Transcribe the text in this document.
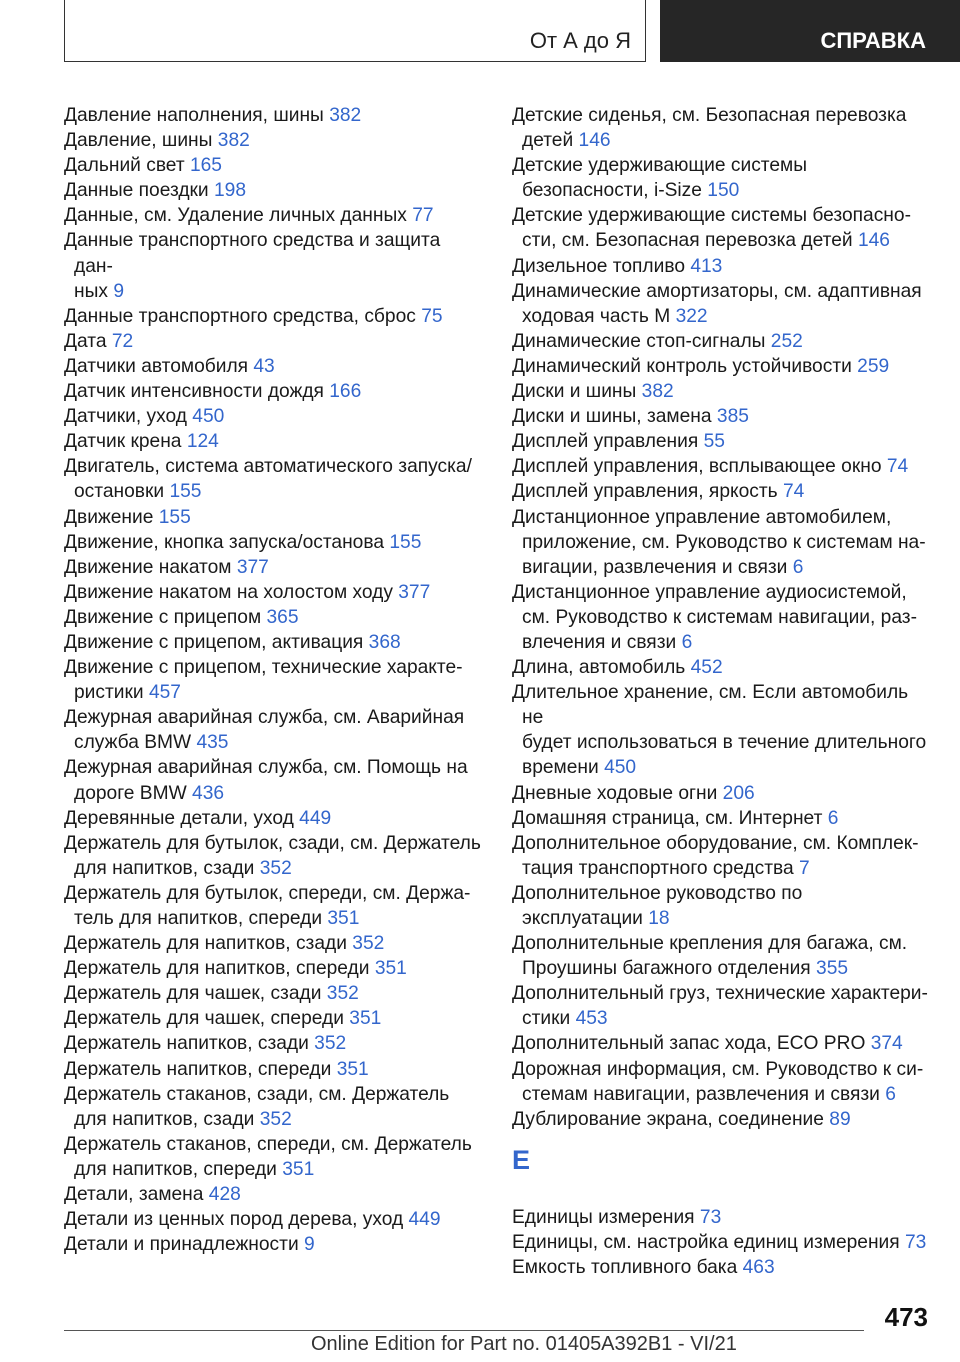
От А до Я	СПРАВКА
Давление наполнения, шины 382
Давление, шины 382
Дальний свет 165
Данные поездки 198
Данные, см. Удаление личных данных 77
Данные транспортного средства и защита дан-
ных 9
Данные транспортного средства, сброс 75
Дата 72
Датчики автомобиля 43
Датчик интенсивности дождя 166
Датчики, уход 450
Датчик крена 124
Двигатель, система автоматического запуска/
остановки 155
Движение 155
Движение, кнопка запуска/останова 155
Движение накатом 377
Движение накатом на холостом ходу 377
Движение с прицепом 365
Движение с прицепом, активация 368
Движение с прицепом, технические характе-
ристики 457
Дежурная аварийная служба, см. Аварийная
служба BMW 435
Дежурная аварийная служба, см. Помощь на
дороге BMW 436
Деревянные детали, уход 449
Держатель для бутылок, сзади, см. Держатель
для напитков, сзади 352
Держатель для бутылок, спереди, см. Держа-
тель для напитков, спереди 351
Держатель для напитков, сзади 352
Держатель для напитков, спереди 351
Держатель для чашек, сзади 352
Держатель для чашек, спереди 351
Держатель напитков, сзади 352
Держатель напитков, спереди 351
Держатель стаканов, сзади, см. Держатель
для напитков, сзади 352
Держатель стаканов, спереди, см. Держатель
для напитков, спереди 351
Детали, замена 428
Детали из ценных пород дерева, уход 449
Детали и принадлежности 9
Детские сиденья, см. Безопасная перевозка
детей 146
Детские удерживающие системы
безопасности, i-Size 150
Детские удерживающие системы безопасно-
сти, см. Безопасная перевозка детей 146
Дизельное топливо 413
Динамические амортизаторы, см. адаптивная
ходовая часть M 322
Динамические стоп-сигналы 252
Динамический контроль устойчивости 259
Диски и шины 382
Диски и шины, замена 385
Дисплей управления 55
Дисплей управления, всплывающее окно 74
Дисплей управления, яркость 74
Дистанционное управление автомобилем,
приложение, см. Руководство к системам на-
вигации, развлечения и связи 6
Дистанционное управление аудиосистемой,
см. Руководство к системам навигации, раз-
влечения и связи 6
Длина, автомобиль 452
Длительное хранение, см. Если автомобиль не
будет использоваться в течение длительного
времени 450
Дневные ходовые огни 206
Домашняя страница, см. Интернет 6
Дополнительное оборудование, см. Комплек-
тация транспортного средства 7
Дополнительное руководство по
эксплуатации 18
Дополнительные крепления для багажа, см.
Проушины багажного отделения 355
Дополнительный груз, технические характери-
стики 453
Дополнительный запас хода, ECO PRO 374
Дорожная информация, см. Руководство к си-
стемам навигации, развлечения и связи 6
Дублирование экрана, соединение 89
Е
Единицы измерения 73
Единицы, см. настройка единиц измерения 73
Емкость топливного бака 463
473
Online Edition for Part no. 01405A392B1 - VI/21
